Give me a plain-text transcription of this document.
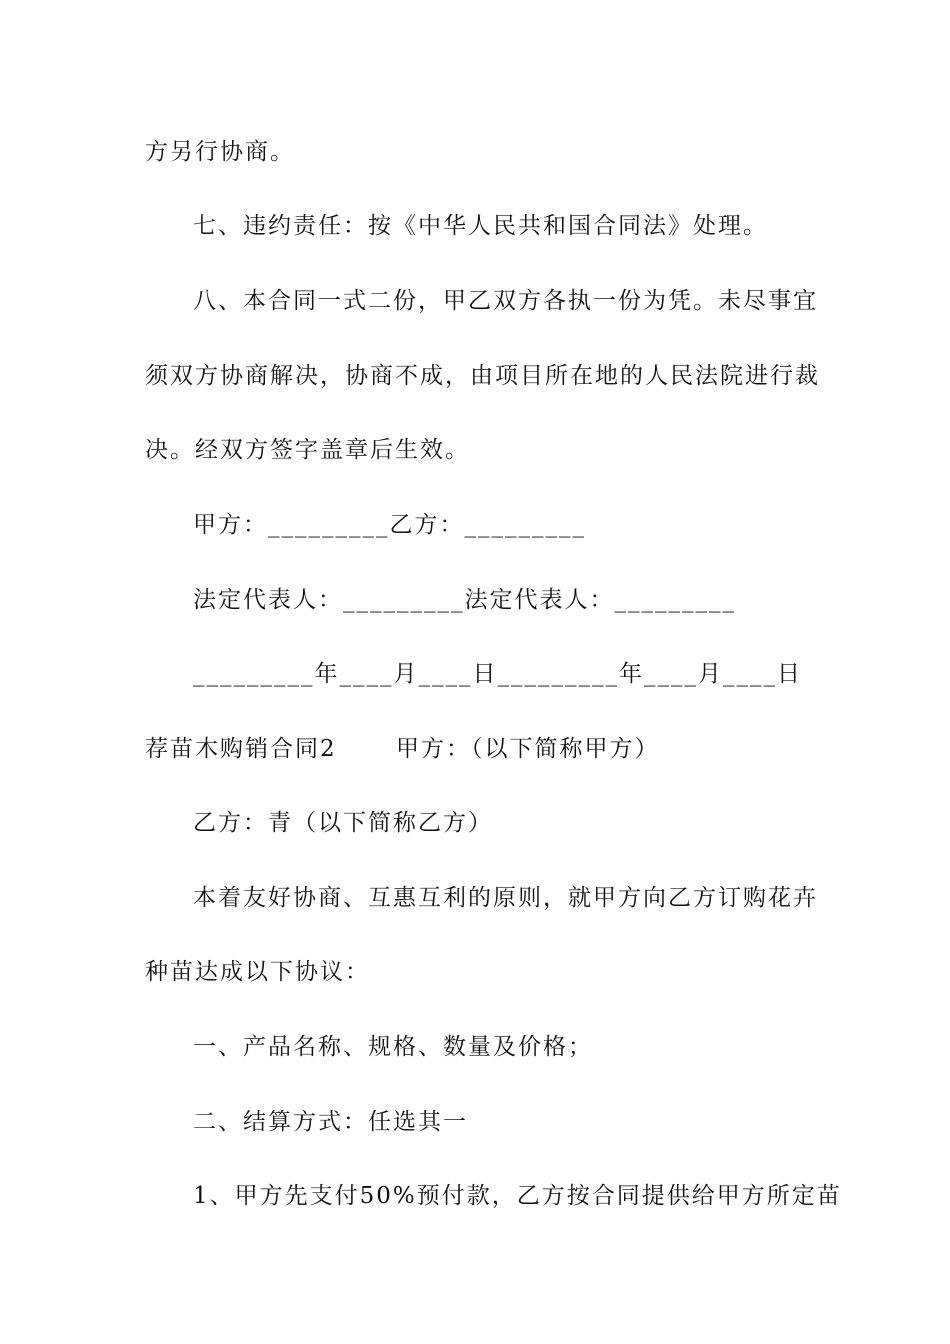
方另行协商。
七、违约责任：按《中华人民共和国合同法》处理。
八、本合同一式二份，甲乙双方各执一份为凭。未尽事宜
须双方协商解决，协商不成，由项目所在地的人民法院进行裁
决。经双方签字盖章后生效。
甲方：_________乙方：_________
法定代表人：_________法定代表人：_________
_________年____月____日_________年____月____日
荐苗木购销合同2　　 甲方：（以下简称甲方）
乙方：青（以下简称乙方）
本着友好协商、互惠互利的原则，就甲方向乙方订购花卉
种苗达成以下协议：
一、产品名称、规格、数量及价格；
二、结算方式：任选其一
1、甲方先支付50%预付款，乙方按合同提供给甲方所定苗
